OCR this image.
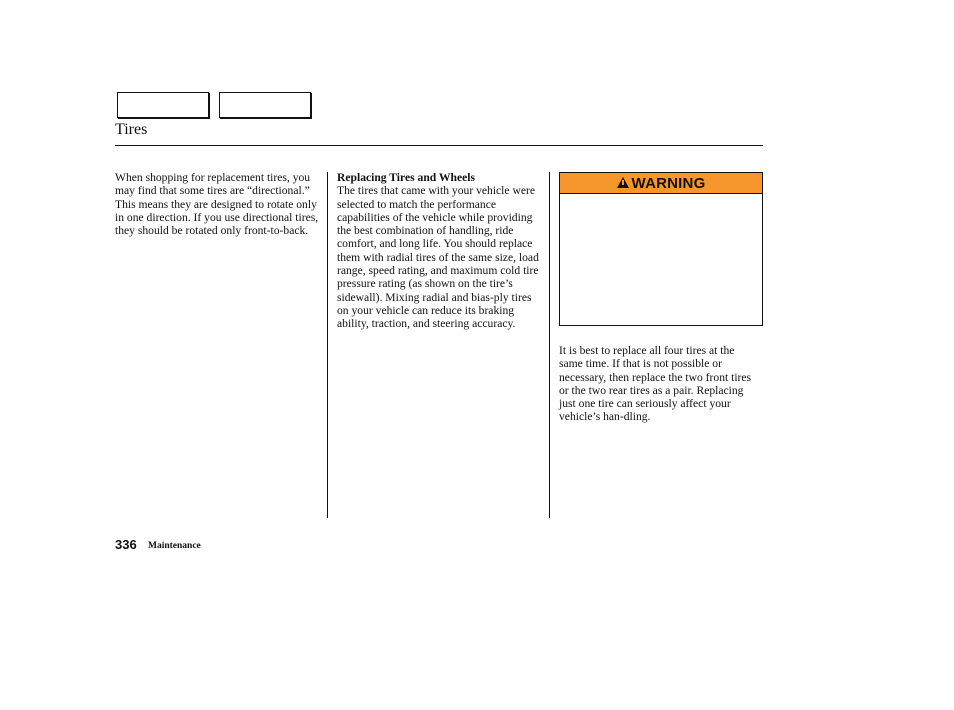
Tires

When shopping for replacement tires, you may find that some tires are “directional.” This means they are designed to rotate only in one direction. If you use directional tires, they should be rotated only front-to-back.

Replacing Tires and Wheels

The tires that came with your vehicle were selected to match the performance capabilities of the vehicle while providing the best combination of handling, ride comfort, and long life. You should replace them with radial tires of the same size, load range, speed rating, and maximum cold tire pressure rating (as shown on the tire’s sidewall). Mixing radial and bias-ply tires on your vehicle can reduce its braking ability, traction, and steering accuracy.

WARNING

It is best to replace all four tires at the same time. If that is not possible or necessary, then replace the two front tires or the two rear tires as a pair. Replacing just one tire can seriously affect your vehicle’s han-dling.

336 Maintenance
